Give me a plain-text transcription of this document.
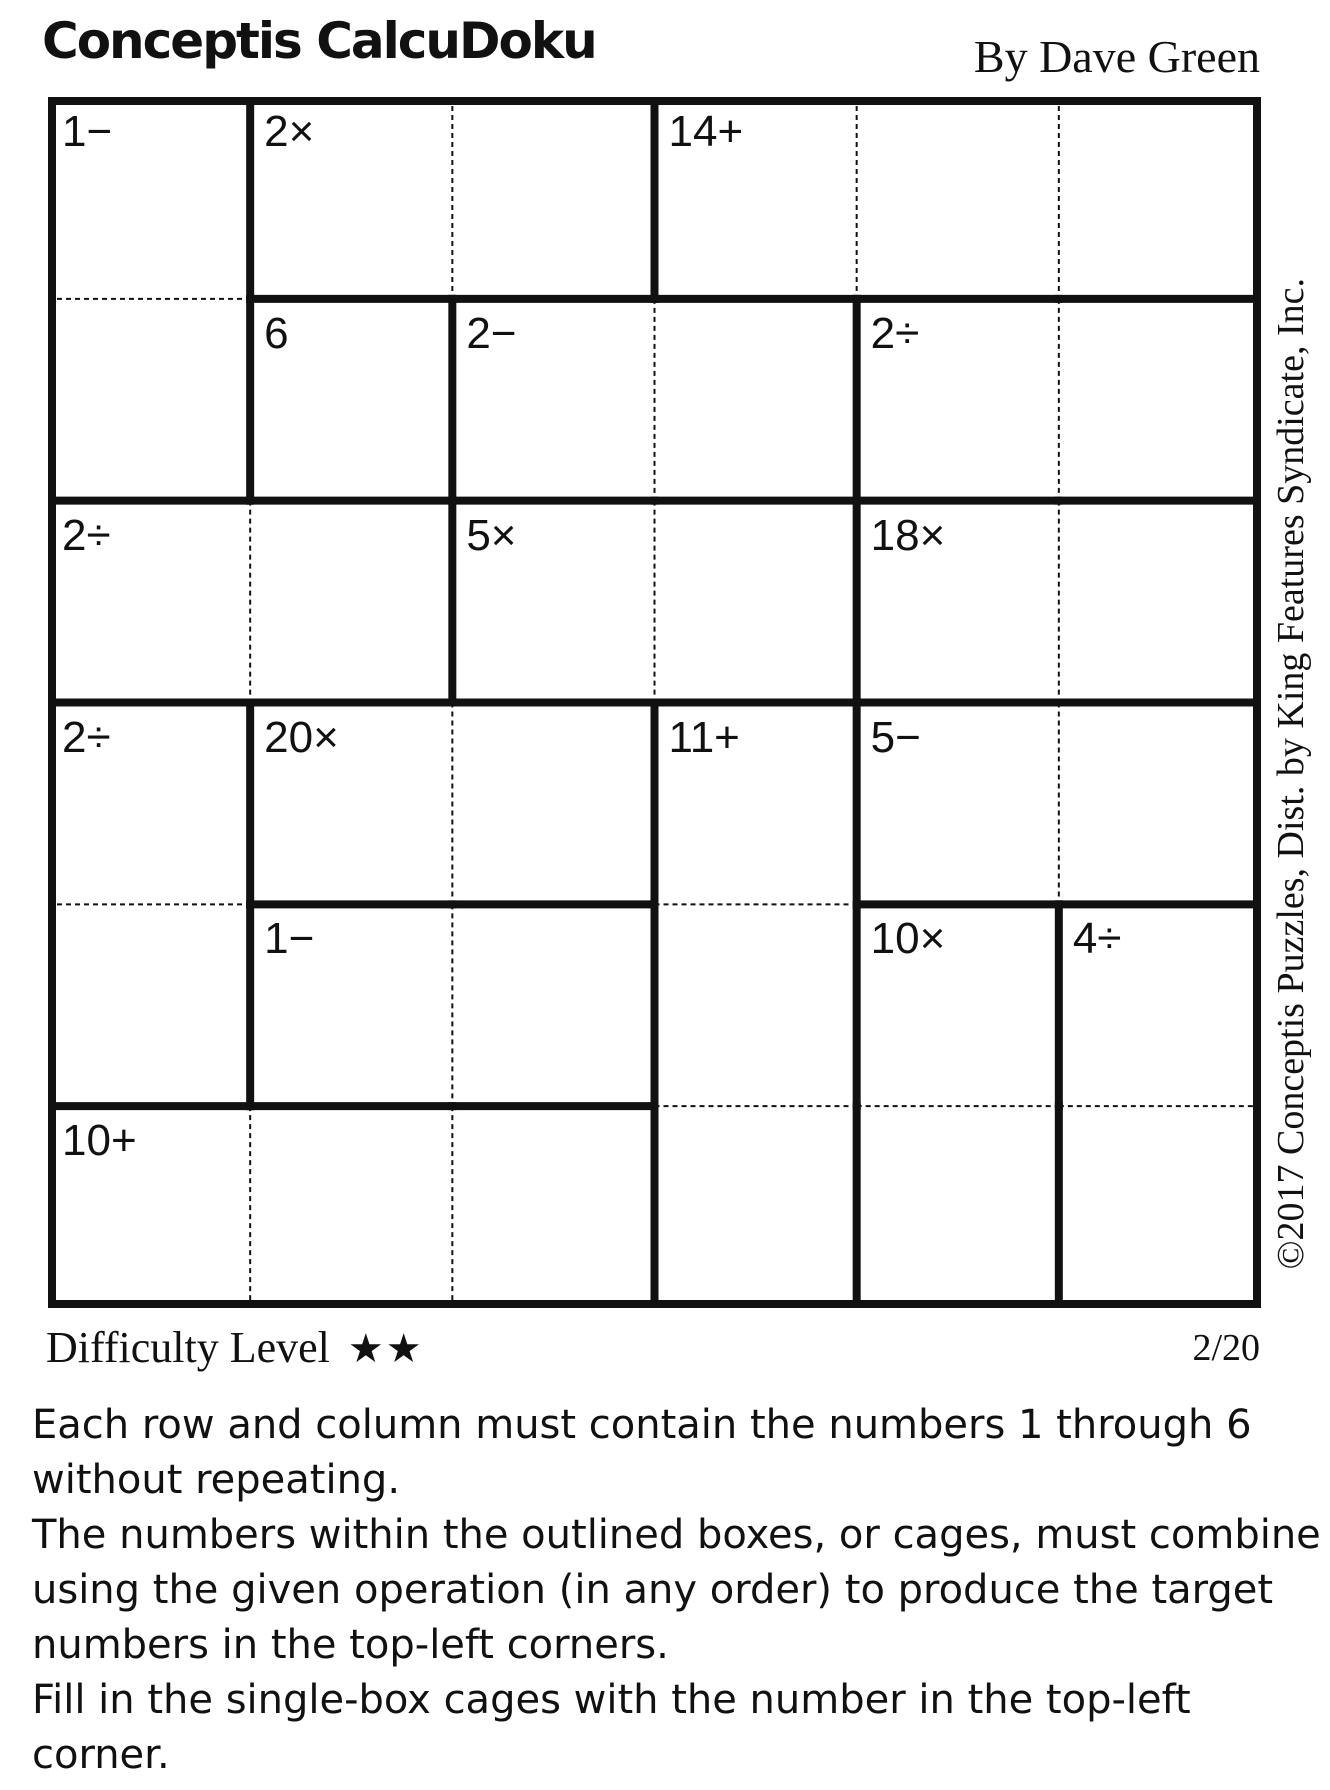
Conceptis CalcuDoku	By Dave Green
1−	2×	14+
6	2−	2÷
2÷	5×	18×
2÷	20×	11+	5−
1−	10×	4÷
10+	©2017 Conceptis Puzzles, Dist. by King Features Syndicate, Inc.
Difficulty Level ★★	2/20

Each row and column must contain the numbers 1 through 6 without repeating.

The numbers within the outlined boxes, or cages, must combine using the given operation (in any order) to produce the target numbers in the top-left corners.

Fill in the single-box cages with the number in the top-left corner.
